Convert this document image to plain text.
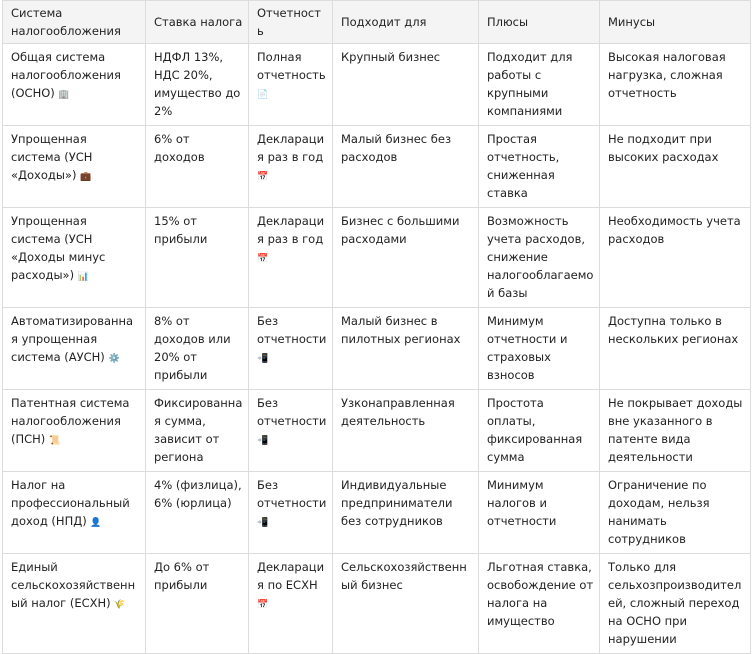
Система налогообложения	Ставка налога	Отчетность	Подходит для	Плюсы	Минусы
Общая система налогообложения (ОСНО) 🏢	НДФЛ 13%, НДС 20%, имущество до 2%	Полная отчетность 📄	Крупный бизнес	Подходит для работы с крупными компаниями	Высокая налоговая нагрузка, сложная отчетность
Упрощенная система (УСН «Доходы») 💼	6% от доходов	Декларация раз в год 📅	Малый бизнес без расходов	Простая отчетность, сниженная ставка	Не подходит при высоких расходах
Упрощенная система (УСН «Доходы минус расходы») 📊	15% от прибыли	Декларация раз в год 📅	Бизнес с большими расходами	Возможность учета расходов, снижение налогооблагаемой базы	Необходимость учета расходов
Автоматизированная упрощенная система (АУСН) ⚙️	8% от доходов или 20% от прибыли	Без отчетности 📲	Малый бизнес в пилотных регионах	Минимум отчетности и страховых взносов	Доступна только в нескольких регионах
Патентная система налогообложения (ПСН) 📜	Фиксированная сумма, зависит от региона	Без отчетности 📲	Узконаправленная деятельность	Простота оплаты, фиксированная сумма	Не покрывает доходы вне указанного в патенте вида деятельности
Налог на профессиональный доход (НПД) 👤	4% (физлица), 6% (юрлица)	Без отчетности 📲	Индивидуальные предприниматели без сотрудников	Минимум налогов и отчетности	Ограничение по доходам, нельзя нанимать сотрудников
Единый сельскохозяйственный налог (ЕСХН) 🌾	До 6% от прибыли	Декларация по ЕСХН 📅	Сельскохозяйственный бизнес	Льготная ставка, освобождение от налога на имущество	Только для сельхозпроизводителей, сложный переход на ОСНО при нарушении
